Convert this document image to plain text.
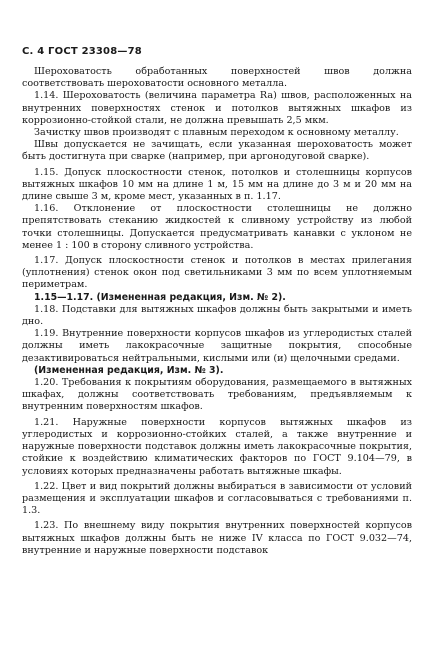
С. 4 ГОСТ 23308—78

Шероховатость обработанных поверхностей швов должна соответствовать шероховатости основного металла.

1.14. Шероховатость (величина параметра Ra) швов, расположенных на внутренних поверхностях стенок и потолков вытяжных шкафов из коррозионно-стойкой стали, не должна превышать 2,5 мкм.

Зачистку швов производят с плавным переходом к основному металлу.

Швы допускается не зачищать, если указанная шероховатость может быть достигнута при сварке (например, при аргонодуговой сварке).

1.15. Допуск плоскостности стенок, потолков и столешницы корпусов вытяжных шкафов 10 мм на длине 1 м, 15 мм на длине до 3 м и 20 мм на длине свыше 3 м, кроме мест, указанных в п. 1.17.

1.16. Отклонение от плоскостности столешницы не должно препятствовать стеканию жидкостей к сливному устройству из любой точки столешницы. Допускается предусматривать канавки с уклоном не менее 1 : 100 в сторону сливного устройства.

1.17. Допуск плоскостности стенок и потолков в местах прилегания (уплотнения) стенок окон под светильниками 3 мм по всем уплотняемым периметрам.

1.15—1.17. (Измененная редакция, Изм. № 2).

1.18. Подставки для вытяжных шкафов должны быть закрытыми и иметь дно.

1.19. Внутренние поверхности корпусов шкафов из углеродистых сталей должны иметь лакокрасочные защитные покрытия, способные дезактивироваться нейтральными, кислыми или (и) щелочными средами.

(Измененная редакция, Изм. № 3).

1.20. Требования к покрытиям оборудования, размещаемого в вытяжных шкафах, должны соответствовать требованиям, предъявляемым к внутренним поверхностям шкафов.

1.21. Наружные поверхности корпусов вытяжных шкафов из углеродистых и коррозионно-стойких сталей, а также внутренние и наружные поверхности подставок должны иметь лакокрасочные покрытия, стойкие к воздействию климатических факторов по ГОСТ 9.104—79, в условиях которых предназначены работать вытяжные шкафы.

1.22. Цвет и вид покрытий должны выбираться в зависимости от условий размещения и эксплуатации шкафов и согласовываться с требованиями п. 1.3.

1.23. По внешнему виду покрытия внутренних поверхностей корпусов вытяжных шкафов должны быть не ниже IV класса по ГОСТ 9.032—74, внутренние и наружные поверхности подставок
